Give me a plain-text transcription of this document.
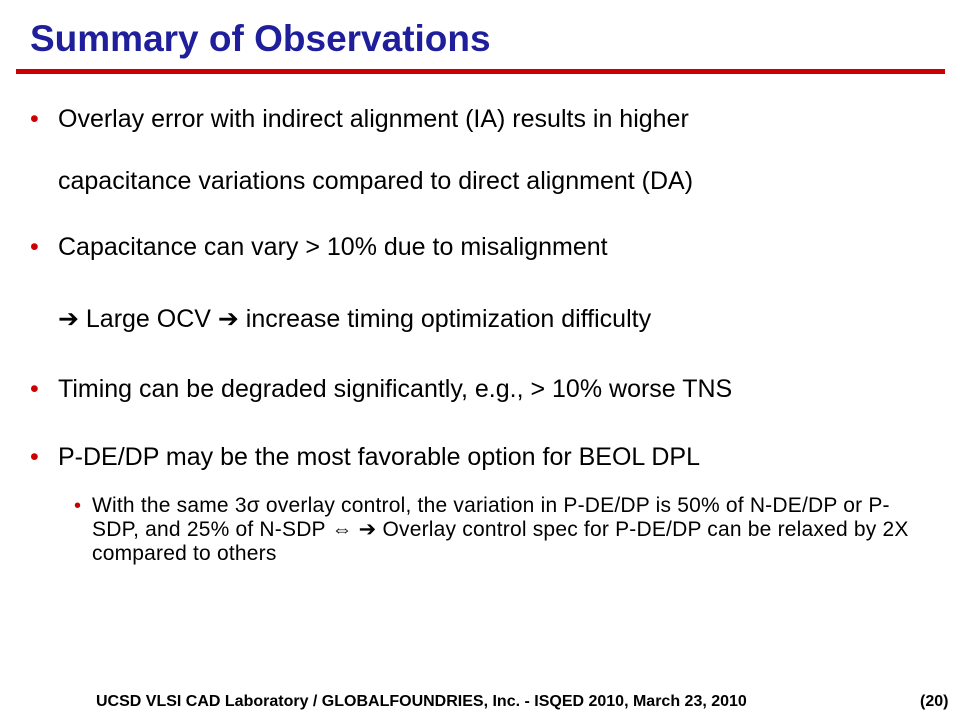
Summary of Observations
• Overlay error with indirect alignment (IA) results in higher
capacitance variations compared to direct alignment (DA)
• Capacitance can vary > 10% due to misalignment
➔ Large OCV ➔ increase timing optimization difficulty
• Timing can be degraded significantly, e.g., > 10% worse TNS
• P-DE/DP may be the most favorable option for BEOL DPL
• With the same 3σ overlay control, the variation in P-DE/DP is 50% of N-DE/DP or P-SDP, and 25% of N-SDP ⇔ ➔ Overlay control spec for P-DE/DP can be relaxed by 2X compared to others
UCSD VLSI CAD Laboratory / GLOBALFOUNDRIES, Inc. - ISQED 2010, March 23, 2010	(20)
